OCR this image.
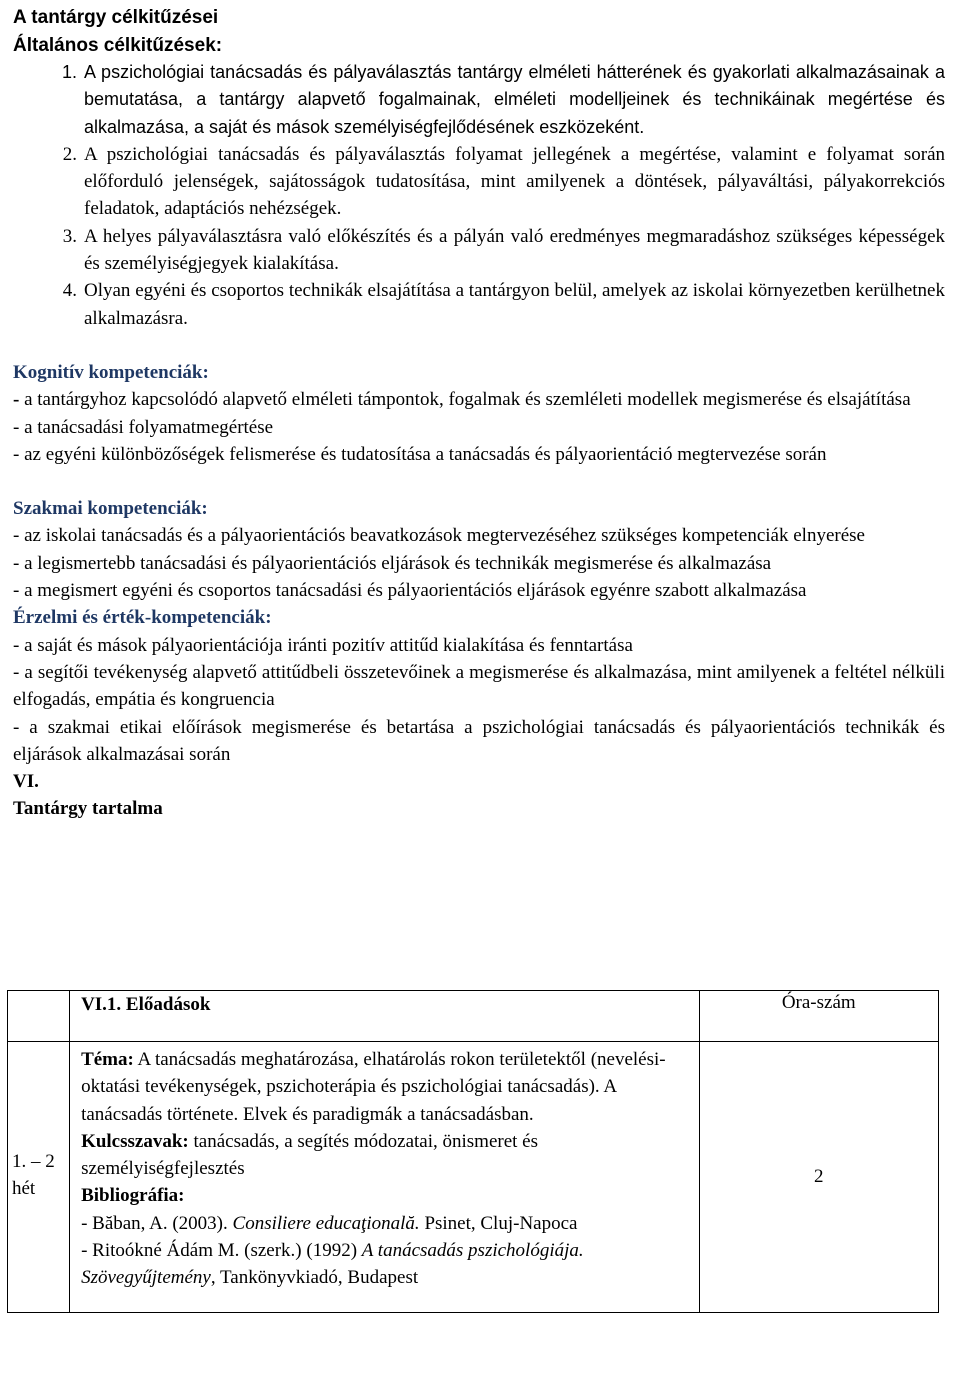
A tantárgy célkitűzései

Általános célkitűzések:

1. A pszichológiai tanácsadás és pályaválasztás tantárgy elméleti hátterének és gyakorlati alkalmazásainak a bemutatása, a tantárgy alapvető fogalmainak, elméleti modelljeinek és technikáinak megértése és alkalmazása, a saját és mások személyiségfejlődésének eszközeként.
2. A pszichológiai tanácsadás és pályaválasztás folyamat jellegének a megértése, valamint e folyamat során előforduló jelenségek, sajátosságok tudatosítása, mint amilyenek a döntések, pályaváltási, pályakorrekciós feladatok, adaptációs nehézségek.
3. A helyes pályaválasztásra való előkészítés és a pályán való eredményes megmaradáshoz szükséges képességek és személyiségjegyek kialakítása.
4. Olyan egyéni és csoportos technikák elsajátítása a tantárgyon belül, amelyek az iskolai környezetben kerülhetnek alkalmazásra.

Kognitív kompetenciák:

- a tantárgyhoz kapcsolódó alapvető elméleti támpontok, fogalmak és szemléleti modellek megismerése és elsajátítása

- a tanácsadási folyamatmegértése

- az egyéni különbözőségek felismerése és tudatosítása a tanácsadás és pályaorientáció megtervezése során

Szakmai kompetenciák:

- az iskolai tanácsadás és a pályaorientációs beavatkozások megtervezéséhez szükséges kompetenciák elnyerése

- a legismertebb tanácsadási és pályaorientációs eljárások és technikák megismerése és alkalmazása

- a megismert egyéni és csoportos tanácsadási és pályaorientációs eljárások egyénre szabott alkalmazása

Érzelmi és érték-kompetenciák:

- a saját és mások pályaorientációja iránti pozitív attitűd kialakítása és fenntartása

- a segítői tevékenység alapvető attitűdbeli összetevőinek a megismerése és alkalmazása, mint amilyenek a feltétel nélküli elfogadás, empátia és kongruencia

- a szakmai etikai előírások megismerése és betartása a pszichológiai tanácsadás és pályaorientációs technikák és eljárások alkalmazásai során

VI.

Tantárgy tartalma

	VI.1. Előadások	Óra-szám
1. – 2 hét	Téma: A tanácsadás meghatározása, elhatárolás rokon területektől (nevelési-oktatási tevékenységek, pszichoterápia és pszichológiai tanácsadás). A tanácsadás története. Elvek és paradigmák a tanácsadásban.
Kulcsszavak: tanácsadás, a segítés módozatai, önismeret és személyiségfejlesztés
Bibliográfia:
- Băban, A. (2003). Consiliere educaţională. Psinet, Cluj-Napoca
- Ritoókné Ádám M. (szerk.) (1992) A tanácsadás pszichológiája. Szövegyűjtemény, Tankönyvkiadó, Budapest	2
